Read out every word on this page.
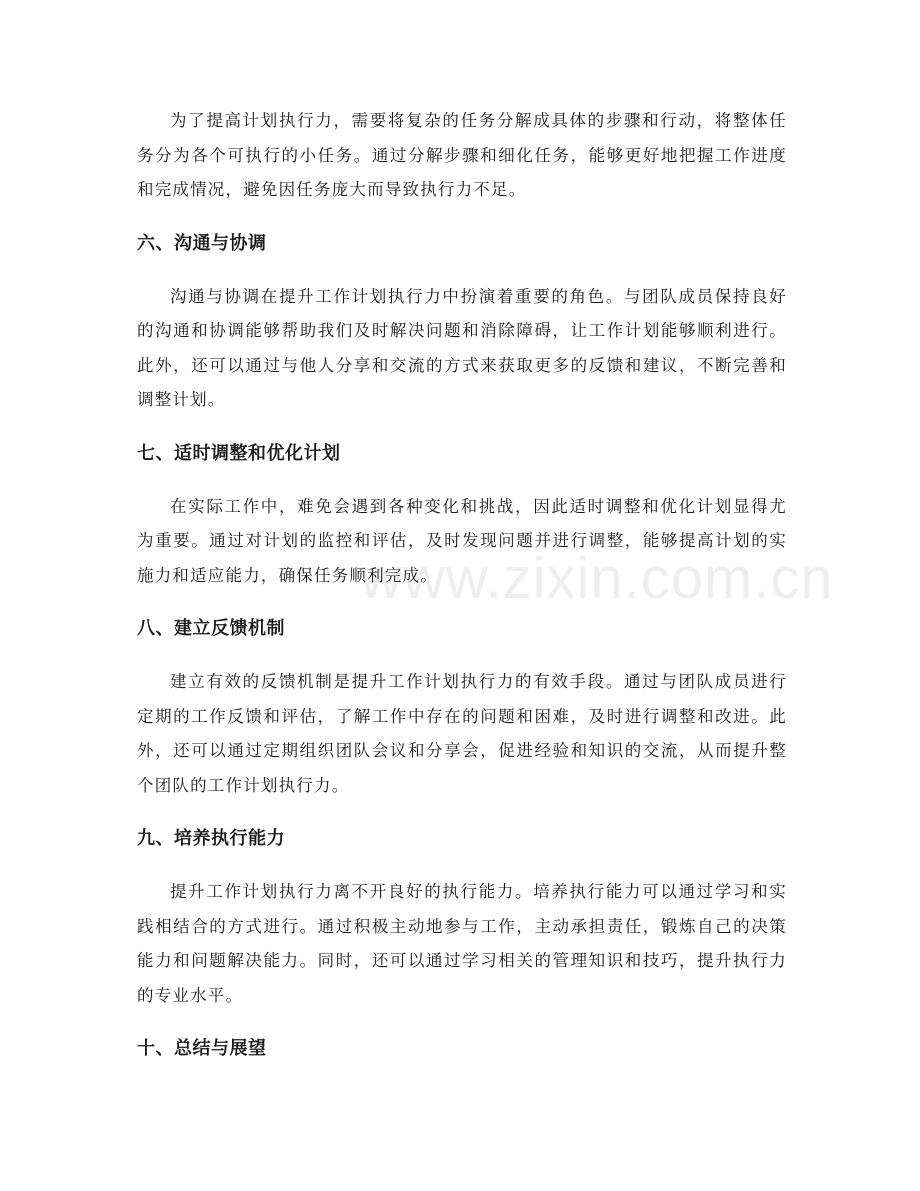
为了提高计划执行力，需要将复杂的任务分解成具体的步骤和行动，将整体任务分为各个可执行的小任务。通过分解步骤和细化任务，能够更好地把握工作进度和完成情况，避免因任务庞大而导致执行力不足。

六、沟通与协调

沟通与协调在提升工作计划执行力中扮演着重要的角色。与团队成员保持良好的沟通和协调能够帮助我们及时解决问题和消除障碍，让工作计划能够顺利进行。此外，还可以通过与他人分享和交流的方式来获取更多的反馈和建议，不断完善和调整计划。

七、适时调整和优化计划

在实际工作中，难免会遇到各种变化和挑战，因此适时调整和优化计划显得尤为重要。通过对计划的监控和评估，及时发现问题并进行调整，能够提高计划的实施力和适应能力，确保任务顺利完成。

八、建立反馈机制

建立有效的反馈机制是提升工作计划执行力的有效手段。通过与团队成员进行定期的工作反馈和评估，了解工作中存在的问题和困难，及时进行调整和改进。此外，还可以通过定期组织团队会议和分享会，促进经验和知识的交流，从而提升整个团队的工作计划执行力。

九、培养执行能力

提升工作计划执行力离不开良好的执行能力。培养执行能力可以通过学习和实践相结合的方式进行。通过积极主动地参与工作，主动承担责任，锻炼自己的决策能力和问题解决能力。同时，还可以通过学习相关的管理知识和技巧，提升执行力的专业水平。

十、总结与展望
www.zixin.com.cn
